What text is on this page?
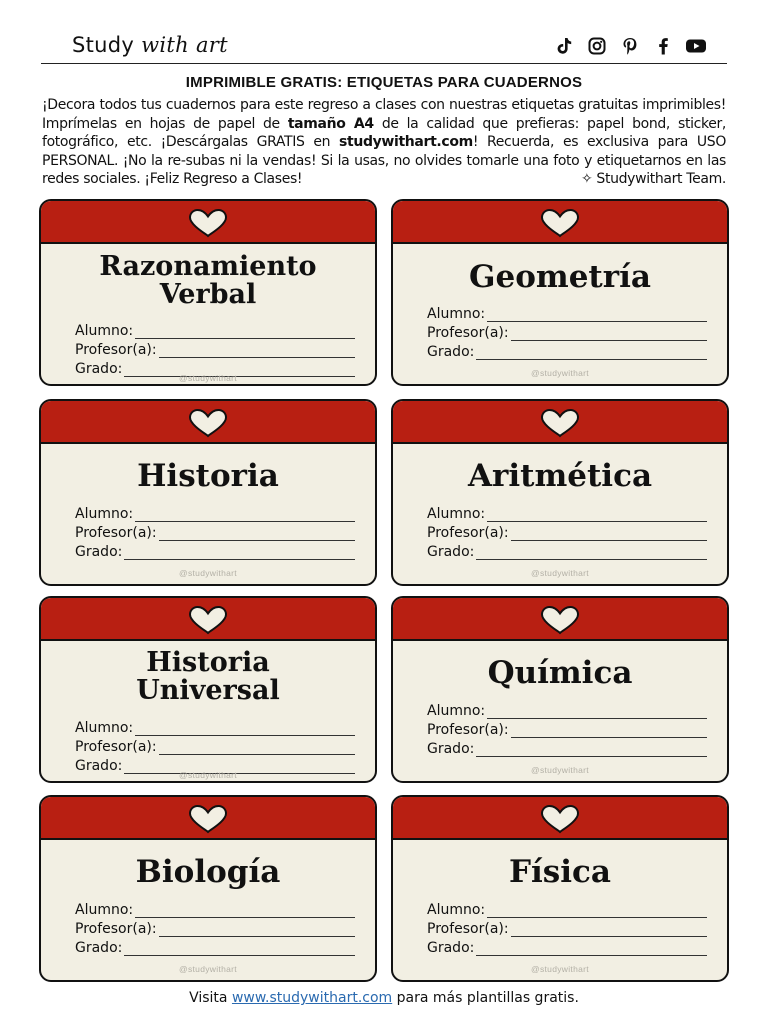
Study with art
IMPRIMIBLE GRATIS: ETIQUETAS PARA CUADERNOS
¡Decora todos tus cuadernos para este regreso a clases con nuestras etiquetas gratuitas imprimibles! Imprímelas en hojas de papel de tamaño A4 de la calidad que prefieras: papel bond, sticker, fotográfico, etc. ¡Descárgalas GRATIS en studywithart.com! Recuerda, es exclusiva para USO PERSONAL. ¡No la re-subas ni la vendas! Si la usas, no olvides tomarle una foto y etiquetarnos en las redes sociales. ¡Feliz Regreso a Clases!	✧ Studywithart Team.
Razonamiento
Verbal
Alumno:
Profesor(a):
Grado:
@studywithart
Geometría
Alumno:
Profesor(a):
Grado:
@studywithart
Historia
Alumno:
Profesor(a):
Grado:
@studywithart
Aritmética
Alumno:
Profesor(a):
Grado:
@studywithart
Historia
Universal
Alumno:
Profesor(a):
Grado:
@studywithart
Química
Alumno:
Profesor(a):
Grado:
@studywithart
Biología
Alumno:
Profesor(a):
Grado:
@studywithart
Física
Alumno:
Profesor(a):
Grado:
@studywithart
Visita www.studywithart.com para más plantillas gratis.
